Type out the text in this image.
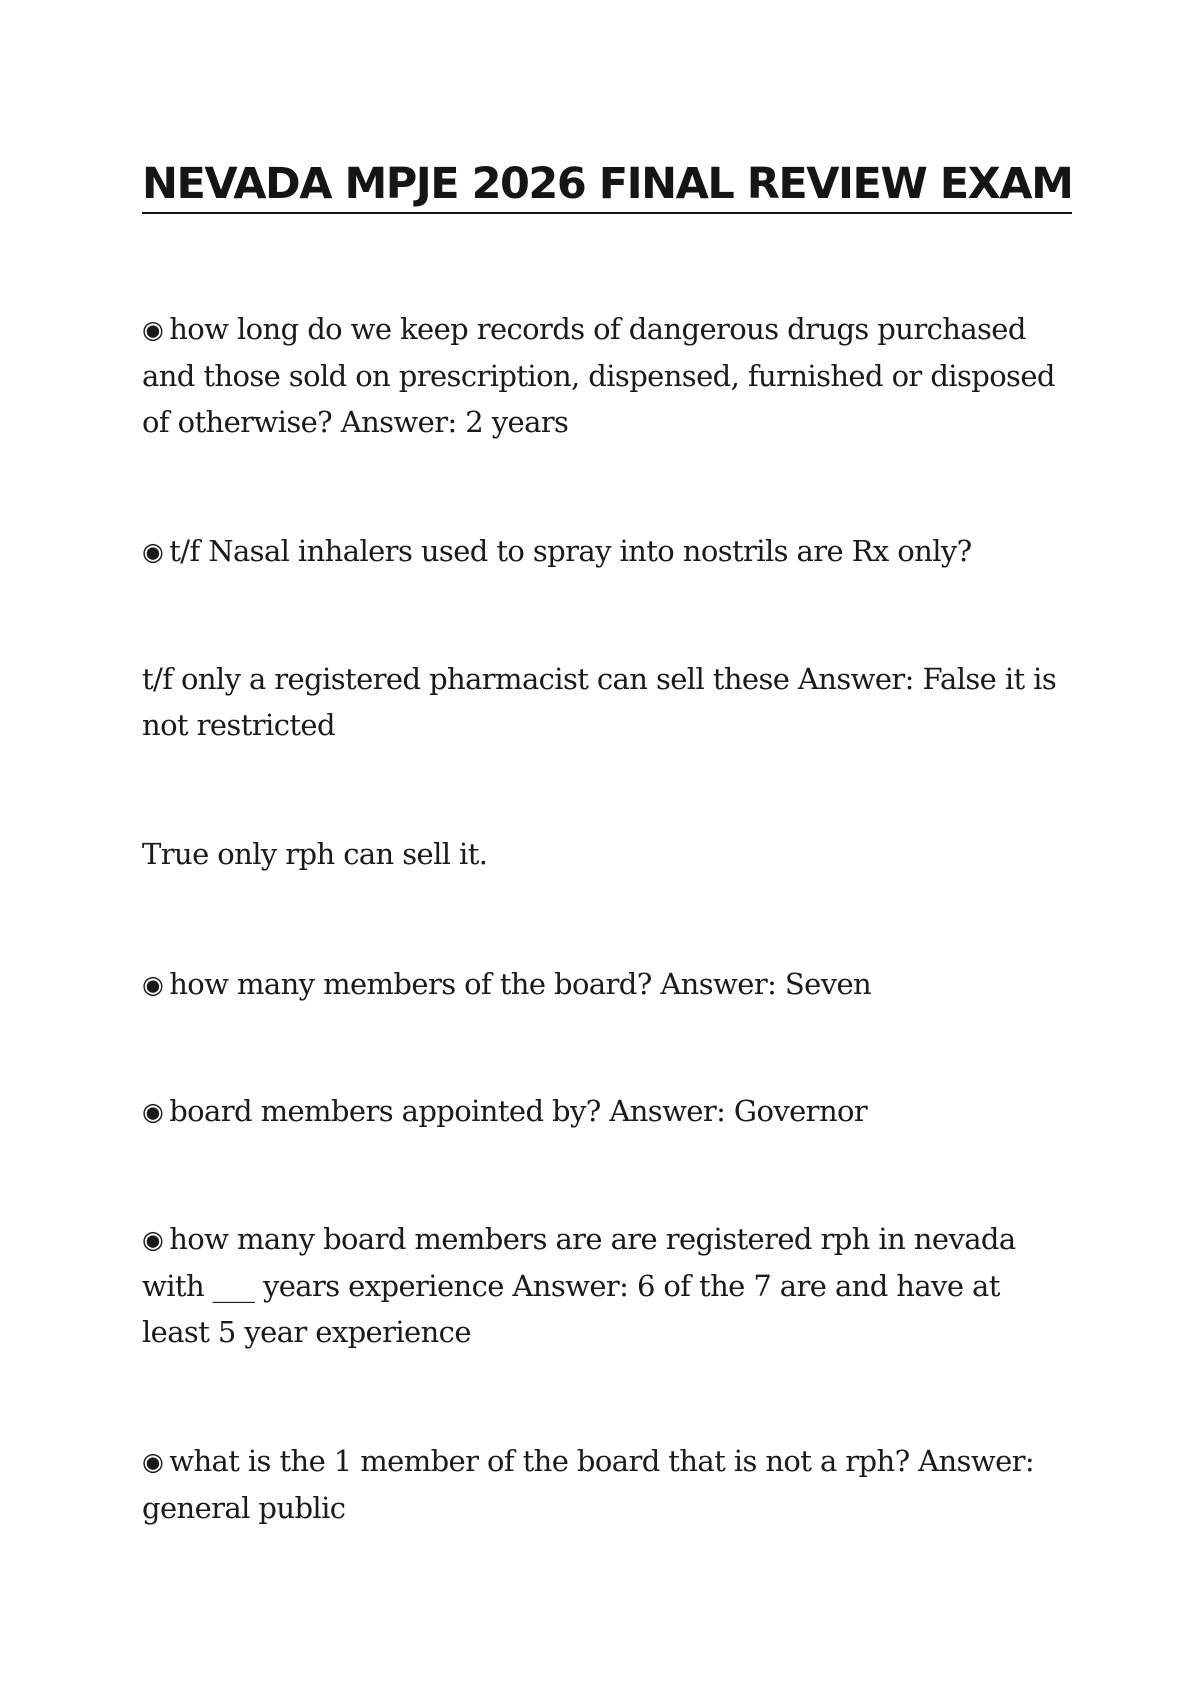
NEVADA MPJE 2026 FINAL REVIEW EXAM

◉ how long do we keep records of dangerous drugs purchased and those sold on prescription, dispensed, furnished or disposed of otherwise? Answer: 2 years

◉ t/f Nasal inhalers used to spray into nostrils are Rx only?

t/f only a registered pharmacist can sell these Answer: False it is not restricted

True only rph can sell it.

◉ how many members of the board? Answer: Seven

◉ board members appointed by? Answer: Governor

◉ how many board members are are registered rph in nevada with ___ years experience Answer: 6 of the 7 are and have at least 5 year experience

◉ what is the 1 member of the board that is not a rph? Answer: general public
